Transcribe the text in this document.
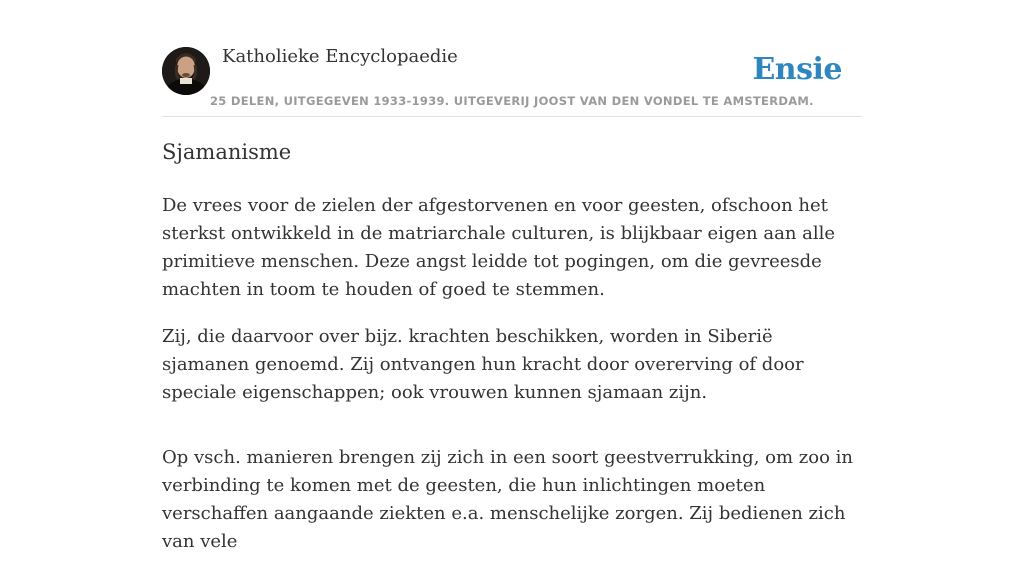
Katholieke Encyclopaedie	Ensie
25 DELEN, UITGEGEVEN 1933-1939. UITGEVERIJ JOOST VAN DEN VONDEL TE AMSTERDAM.
Sjamanisme

De vrees voor de zielen der afgestorvenen en voor geesten, ofschoon het sterkst ontwikkeld in de matriarchale culturen, is blijkbaar eigen aan alle primitieve menschen. Deze angst leidde tot pogingen, om die gevreesde machten in toom te houden of goed te stemmen.

Zij, die daarvoor over bijz. krachten beschikken, worden in Siberië sjamanen genoemd. Zij ontvangen hun kracht door overerving of door speciale eigenschappen; ook vrouwen kunnen sjamaan zijn.

Op vsch. manieren brengen zij zich in een soort geestverrukking, om zoo in verbinding te komen met de geesten, die hun inlichtingen moeten verschaffen aangaande ziekten e.a. menschelijke zorgen. Zij bedienen zich van vele
